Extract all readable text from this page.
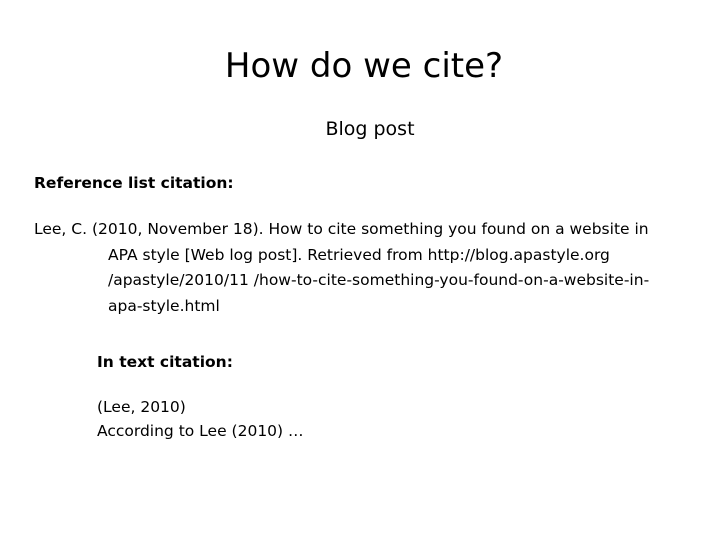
How do we cite?
Blog post
Reference list citation:
Lee, C. (2010, November 18). How to cite something you found on a website in
APA style [Web log post]. Retrieved from http://blog.apastyle.org
/apastyle/2010/11 /how-to-cite-something-you-found-on-a-website-in-
apa-style.html
In text citation:
(Lee, 2010)
According to Lee (2010) …
